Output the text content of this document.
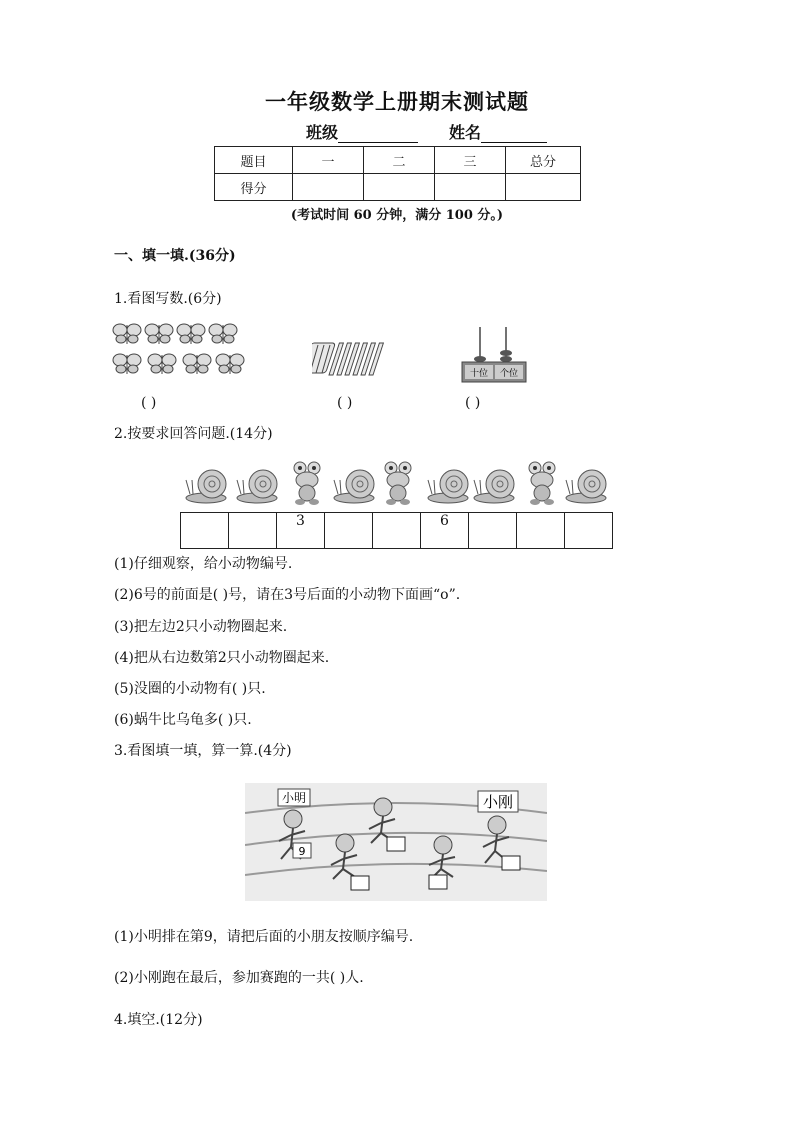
一年级数学上册期末测试题
班级	姓名
题目	一	二	三	总分
得分				
(考试时间 60 分钟，满分 100 分。)
一、填一填.(36分)
1.看图写数.(6分)
十位 个位
( )	( )	( )
2.按要求回答问题.(14分)
		3			6			
(1)仔细观察，给小动物编号.
(2)6号的前面是( )号，请在3号后面的小动物下面画“o”.
(3)把左边2只小动物圈起来.
(4)把从右边数第2只小动物圈起来.
(5)没圈的小动物有( )只.
(6)蜗牛比乌龟多( )只.
3.看图填一填，算一算.(4分)
小明	小刚
9
(1)小明排在第9，请把后面的小朋友按顺序编号.
(2)小刚跑在最后，参加赛跑的一共( )人.
4.填空.(12分)
